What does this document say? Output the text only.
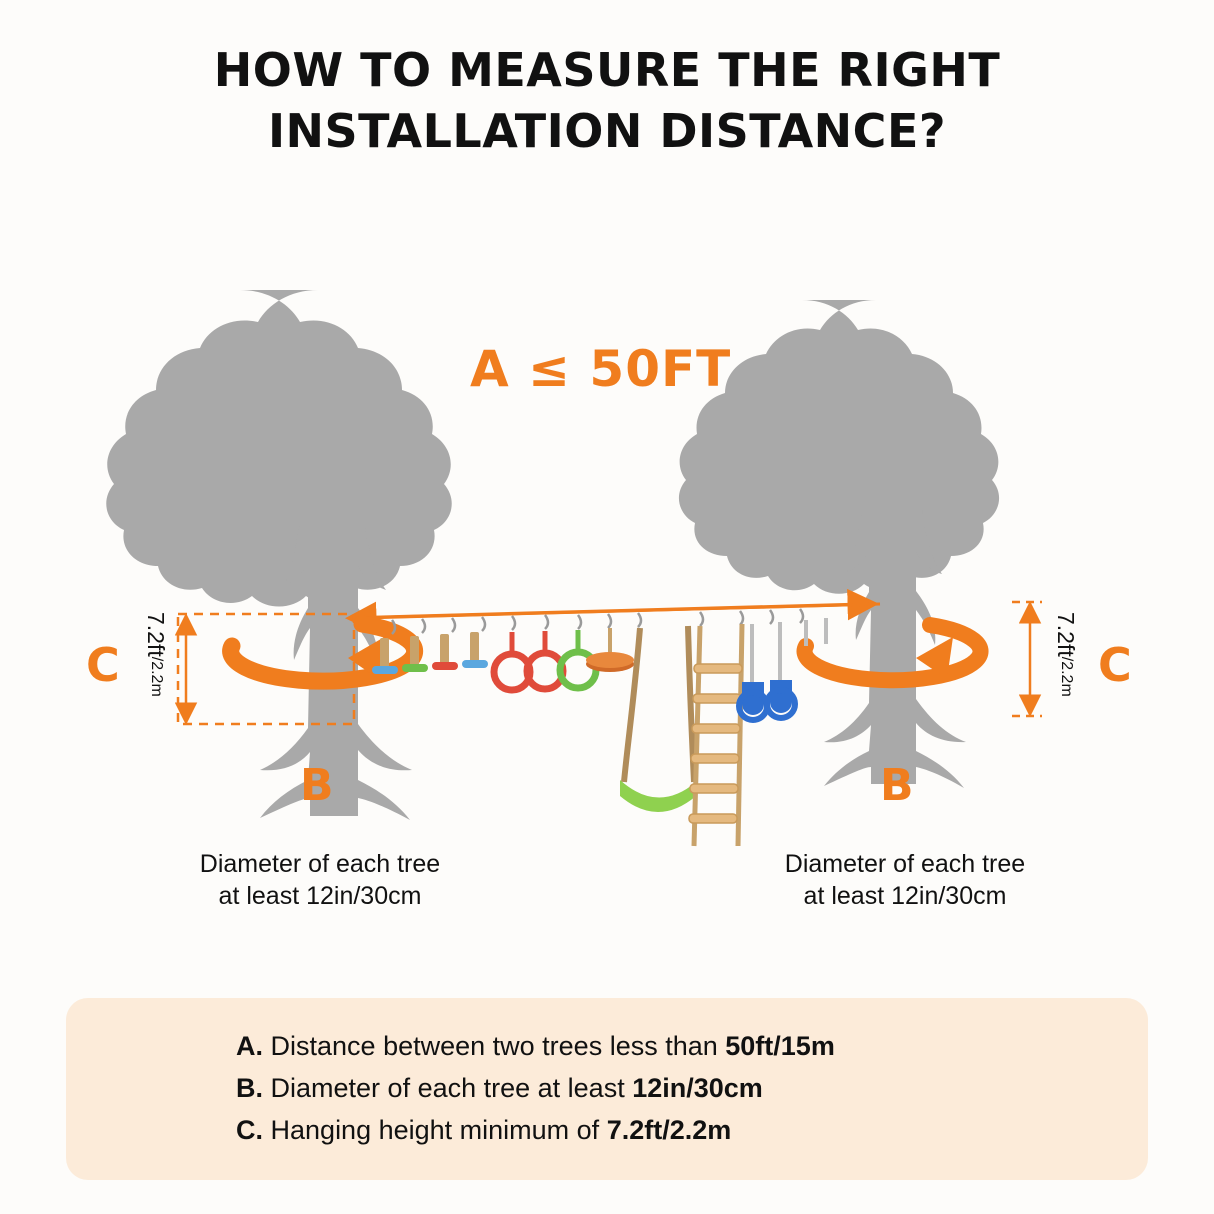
HOW TO MEASURE THE RIGHT
INSTALLATION DISTANCE?
A ≤ 50FT
C	C
B	B
7.2ft/2.2m
7.2ft/2.2m
Diameter of each tree
at least 12in/30cm
Diameter of each tree
at least 12in/30cm
A. Distance between two trees less than 50ft/15m
B. Diameter of each tree at least 12in/30cm
C. Hanging height minimum of 7.2ft/2.2m
